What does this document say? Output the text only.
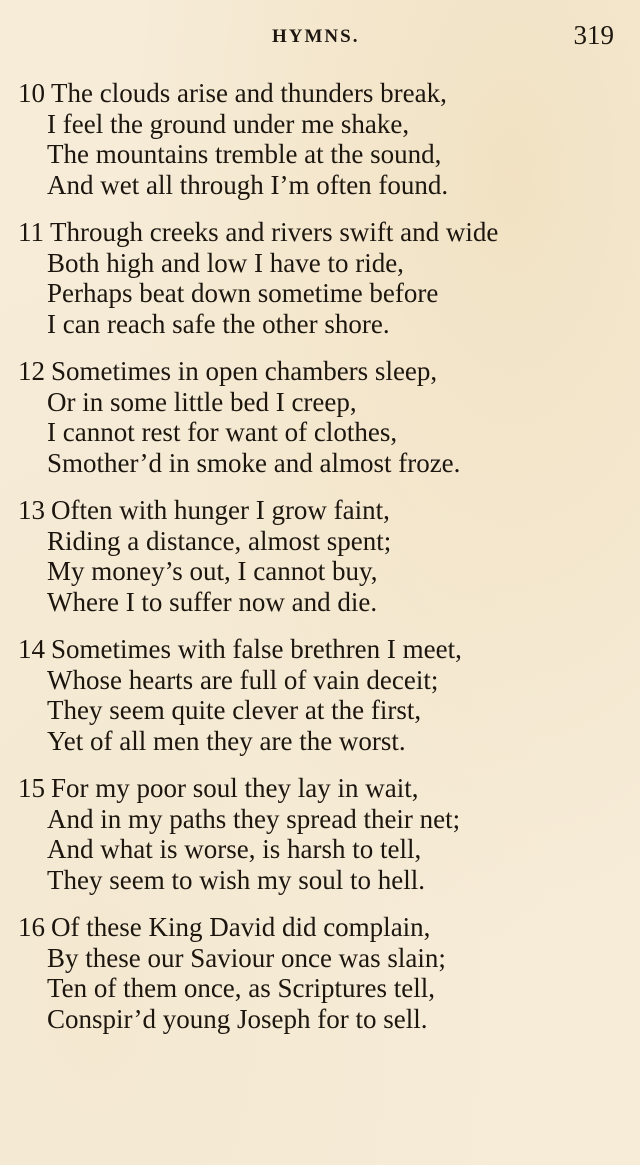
HYMNS.	319
10 The clouds arise and thunders break,
I feel the ground under me shake,
The mountains tremble at the sound,
And wet all through I’m often found.
11 Through creeks and rivers swift and wide
Both high and low I have to ride,
Perhaps beat down sometime before
I can reach safe the other shore.
12 Sometimes in open chambers sleep,
Or in some little bed I creep,
I cannot rest for want of clothes,
Smother’d in smoke and almost froze.
13 Often with hunger I grow faint,
Riding a distance, almost spent;
My money’s out, I cannot buy,
Where I to suffer now and die.
14 Sometimes with false brethren I meet,
Whose hearts are full of vain deceit;
They seem quite clever at the first,
Yet of all men they are the worst.
15 For my poor soul they lay in wait,
And in my paths they spread their net;
And what is worse, is harsh to tell,
They seem to wish my soul to hell.
16 Of these King David did complain,
By these our Saviour once was slain;
Ten of them once, as Scriptures tell,
Conspir’d young Joseph for to sell.
